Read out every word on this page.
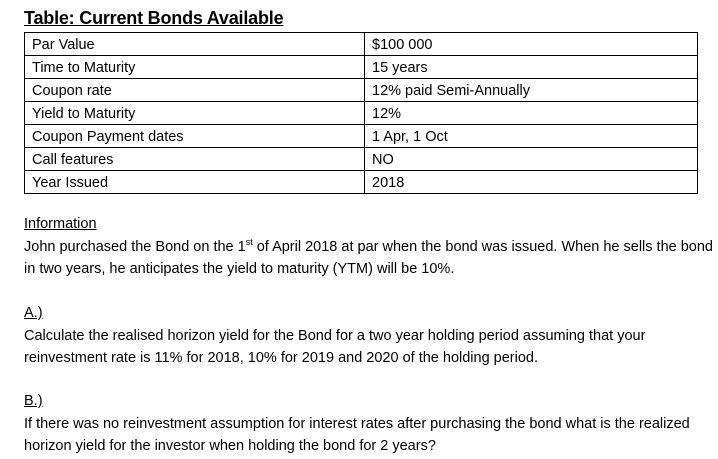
Table: Current Bonds Available
Par Value	$100 000
Time to Maturity	15 years
Coupon rate	12% paid Semi-Annually
Yield to Maturity	12%
Coupon Payment dates	1 Apr, 1 Oct
Call features	NO
Year Issued	2018
Information

John purchased the Bond on the 1st of April 2018 at par when the bond was issued. When he sells the bond in two years, he anticipates the yield to maturity (YTM) will be 10%.

A.)

Calculate the realised horizon yield for the Bond for a two year holding period assuming that your reinvestment rate is 11% for 2018, 10% for 2019 and 2020 of the holding period.

B.)

If there was no reinvestment assumption for interest rates after purchasing the bond what is the realized horizon yield for the investor when holding the bond for 2 years?
